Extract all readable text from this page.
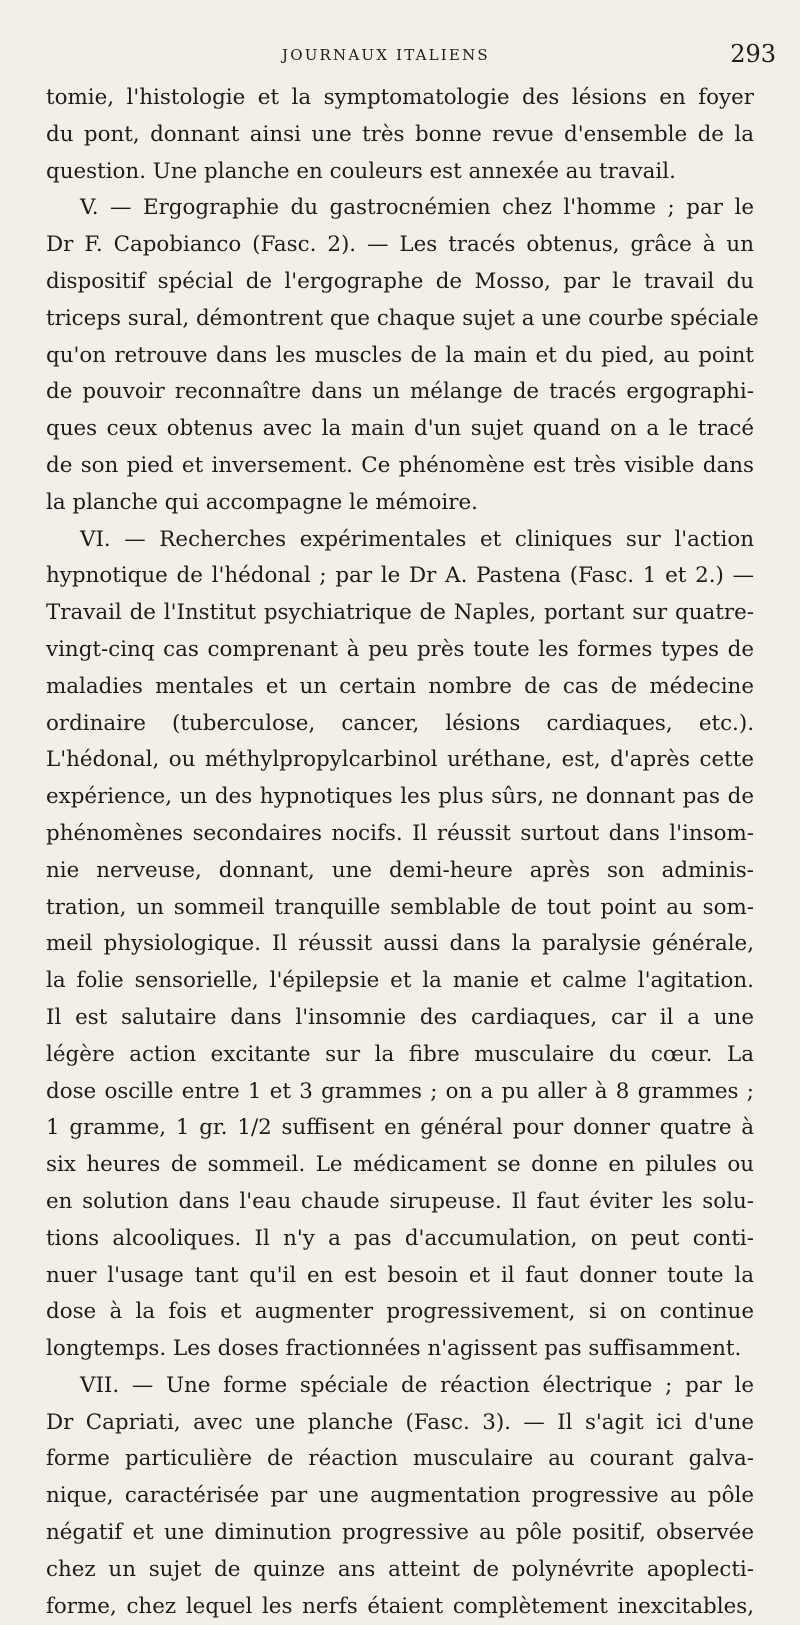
JOURNAUX ITALIENS	293
tomie, l'histologie et la symptomatologie des lésions en foyer
du pont, donnant ainsi une très bonne revue d'ensemble de la
question. Une planche en couleurs est annexée au travail.
V. — Ergographie du gastrocnémien chez l'homme ; par le
Dr F. Capobianco (Fasc. 2). — Les tracés obtenus, grâce à un
dispositif spécial de l'ergographe de Mosso, par le travail du
triceps sural, démontrent que chaque sujet a une courbe spéciale
qu'on retrouve dans les muscles de la main et du pied, au point
de pouvoir reconnaître dans un mélange de tracés ergographi-
ques ceux obtenus avec la main d'un sujet quand on a le tracé
de son pied et inversement. Ce phénomène est très visible dans
la planche qui accompagne le mémoire.
VI. — Recherches expérimentales et cliniques sur l'action
hypnotique de l'hédonal ; par le Dr A. Pastena (Fasc. 1 et 2.) —
Travail de l'Institut psychiatrique de Naples, portant sur quatre-
vingt-cinq cas comprenant à peu près toute les formes types de
maladies mentales et un certain nombre de cas de médecine
ordinaire (tuberculose, cancer, lésions cardiaques, etc.).
L'hédonal, ou méthylpropylcarbinol uréthane, est, d'après cette
expérience, un des hypnotiques les plus sûrs, ne donnant pas de
phénomènes secondaires nocifs. Il réussit surtout dans l'insom-
nie nerveuse, donnant, une demi-heure après son adminis-
tration, un sommeil tranquille semblable de tout point au som-
meil physiologique. Il réussit aussi dans la paralysie générale,
la folie sensorielle, l'épilepsie et la manie et calme l'agitation.
Il est salutaire dans l'insomnie des cardiaques, car il a une
légère action excitante sur la fibre musculaire du cœur. La
dose oscille entre 1 et 3 grammes ; on a pu aller à 8 grammes ;
1 gramme, 1 gr. 1/2 suffisent en général pour donner quatre à
six heures de sommeil. Le médicament se donne en pilules ou
en solution dans l'eau chaude sirupeuse. Il faut éviter les solu-
tions alcooliques. Il n'y a pas d'accumulation, on peut conti-
nuer l'usage tant qu'il en est besoin et il faut donner toute la
dose à la fois et augmenter progressivement, si on continue
longtemps. Les doses fractionnées n'agissent pas suffisamment.
VII. — Une forme spéciale de réaction électrique ; par le
Dr Capriati, avec une planche (Fasc. 3). — Il s'agit ici d'une
forme particulière de réaction musculaire au courant galva-
nique, caractérisée par une augmentation progressive au pôle
négatif et une diminution progressive au pôle positif, observée
chez un sujet de quinze ans atteint de polynévrite apoplecti-
forme, chez lequel les nerfs étaient complètement inexcitables,
